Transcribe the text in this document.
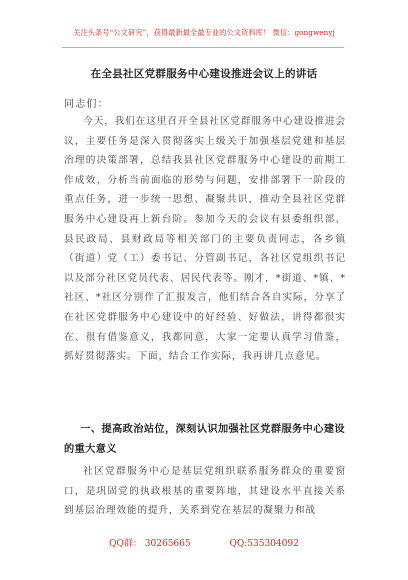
关注头条号“公文研究”，获得最新最全最专业的公文资料库！ 微信：gongwenyj
在全县社区党群服务中心建设推进会议上的讲话
同志们：
今天，我们在这里召开全县社区党群服务中心建设推进会议，主要任务是深入贯彻落实上级关于加强基层党建和基层治理的决策部署，总结我县社区党群服务中心建设的前期工作成效，分析当前面临的形势与问题，安排部署下一阶段的重点任务，进一步统一思想、凝聚共识，推动全县社区党群服务中心建设再上新台阶。参加今天的会议有县委组织部、县民政局、县财政局等相关部门的主要负责同志，各乡镇（街道）党（工）委书记、分管副书记，各社区党组织书记以及部分社区党员代表、居民代表等。刚才，*街道、*镇、*社区、*社区分别作了汇报发言，他们结合各自实际，分享了在社区党群服务中心建设中的好经验、好做法，讲得都很实在、很有借鉴意义，我都同意，大家一定要认真学习借鉴，抓好贯彻落实。下面，结合工作实际，我再讲几点意见。
一、提高政治站位，深刻认识加强社区党群服务中心建设的重大意义
社区党群服务中心是基层党组织联系服务群众的重要窗口，是巩固党的执政根基的重要阵地，其建设水平直接关系到基层治理效能的提升，关系到党在基层的凝聚力和战
QQ群： 30265665	QQ:535304092
